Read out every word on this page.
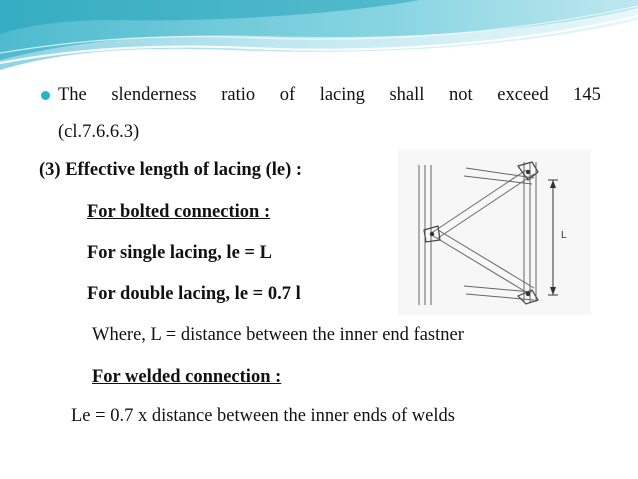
The slenderness ratio of lacing shall not exceed 145
(cl.7.6.6.3)
(3) Effective length of lacing (le) :
For bolted connection :
For single lacing, le = L
For double lacing, le = 0.7 l
Where, L = distance between the inner end fastner
For welded connection :
Le = 0.7 x distance between the inner ends of welds
L
